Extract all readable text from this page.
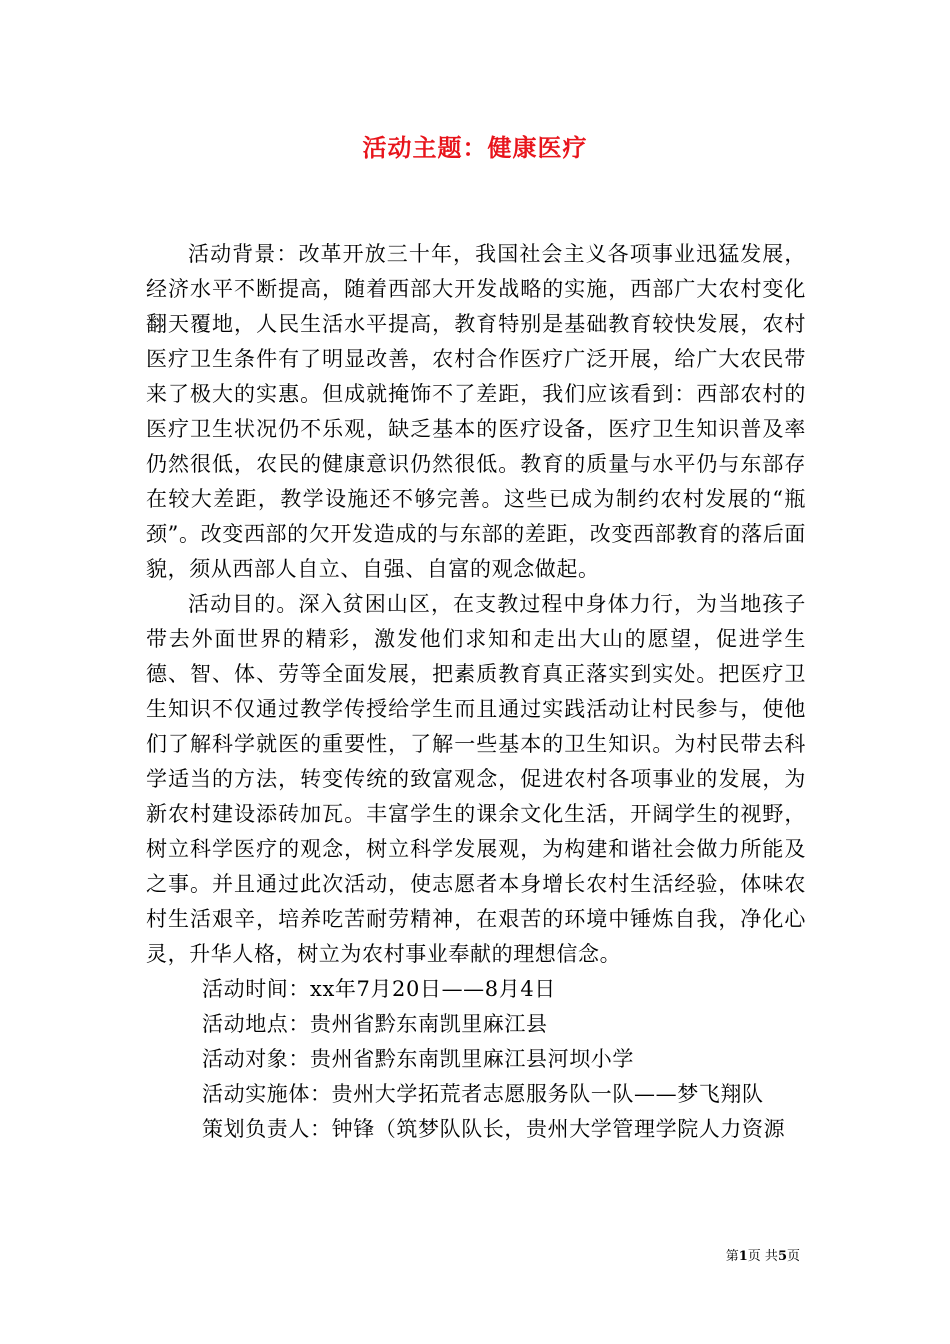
活动主题：健康医疗

活动背景：改革开放三十年，我国社会主义各项事业迅猛发展，经济水平不断提高，随着西部大开发战略的实施，西部广大农村变化翻天覆地，人民生活水平提高，教育特别是基础教育较快发展，农村医疗卫生条件有了明显改善，农村合作医疗广泛开展，给广大农民带来了极大的实惠。但成就掩饰不了差距，我们应该看到：西部农村的医疗卫生状况仍不乐观，缺乏基本的医疗设备，医疗卫生知识普及率仍然很低，农民的健康意识仍然很低。教育的质量与水平仍与东部存在较大差距，教学设施还不够完善。这些已成为制约农村发展的“瓶颈”。改变西部的欠开发造成的与东部的差距，改变西部教育的落后面貌，须从西部人自立、自强、自富的观念做起。

活动目的。深入贫困山区，在支教过程中身体力行，为当地孩子带去外面世界的精彩，激发他们求知和走出大山的愿望，促进学生德、智、体、劳等全面发展，把素质教育真正落实到实处。把医疗卫生知识不仅通过教学传授给学生而且通过实践活动让村民参与，使他们了解科学就医的重要性，了解一些基本的卫生知识。为村民带去科学适当的方法，转变传统的致富观念，促进农村各项事业的发展，为新农村建设添砖加瓦。丰富学生的课余文化生活，开阔学生的视野，树立科学医疗的观念，树立科学发展观，为构建和谐社会做力所能及之事。并且通过此次活动，使志愿者本身增长农村生活经验，体味农村生活艰辛，培养吃苦耐劳精神，在艰苦的环境中锤炼自我，净化心灵，升华人格，树立为农村事业奉献的理想信念。

活动时间：xx年7月20日——8月4日

活动地点：贵州省黔东南凯里麻江县

活动对象：贵州省黔东南凯里麻江县河坝小学

活动实施体：贵州大学拓荒者志愿服务队一队——梦飞翔队

策划负责人：钟锋（筑梦队队长，贵州大学管理学院人力资源

第1页 共5页
